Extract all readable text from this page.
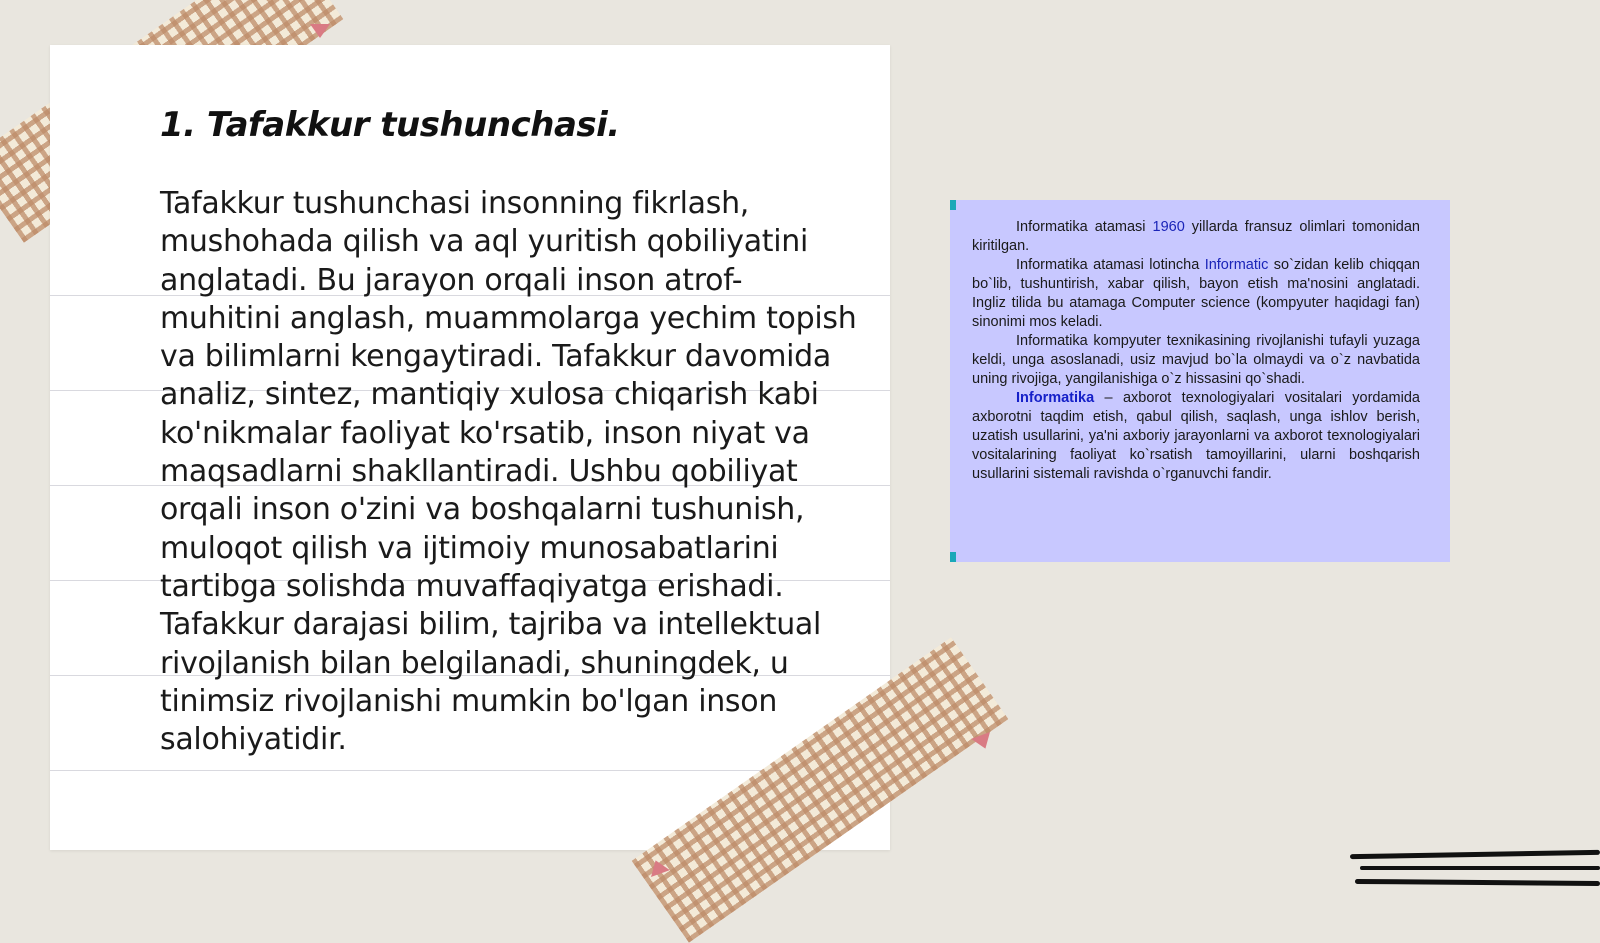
1. Tafakkur tushunchasi.

Tafakkur tushunchasi insonning fikrlash, mushohada qilish va aql yuritish qobiliyatini anglatadi. Bu jarayon orqali inson atrof-muhitini anglash, muammolarga yechim topish va bilimlarni kengaytiradi. Tafakkur davomida analiz, sintez, mantiqiy xulosa chiqarish kabi ko'nikmalar faoliyat ko'rsatib, inson niyat va maqsadlarni shakllantiradi. Ushbu qobiliyat orqali inson o'zini va boshqalarni tushunish, muloqot qilish va ijtimoiy munosabatlarini tartibga solishda muvaffaqiyatga erishadi. Tafakkur darajasi bilim, tajriba va intellektual rivojlanish bilan belgilanadi, shuningdek, u tinimsiz rivojlanishi mumkin bo'lgan inson salohiyatidir.

Informatika atamasi 1960 yillarda fransuz olimlari tomonidan kiritilgan.

Informatika atamasi lotincha Informatic so`zidan kelib chiqqan bo`lib, tushuntirish, xabar qilish, bayon etish ma'nosini anglatadi. Ingliz tilida bu atamaga Computer science (kompyuter haqidagi fan) sinonimi mos keladi.

Informatika kompyuter texnikasining rivojlanishi tufayli yuzaga keldi, unga asoslanadi, usiz mavjud bo`la olmaydi va o`z navbatida uning rivojiga, yangilanishiga o`z hissasini qo`shadi.

Informatika – axborot texnologiyalari vositalari yordamida axborotni taqdim etish, qabul qilish, saqlash, unga ishlov berish, uzatish usullarini, ya'ni axboriy jarayonlarni va axborot texnologiyalari vositalarining faoliyat ko`rsatish tamoyillarini, ularni boshqarish usullarini sistemali ravishda o`rganuvchi fandir.
